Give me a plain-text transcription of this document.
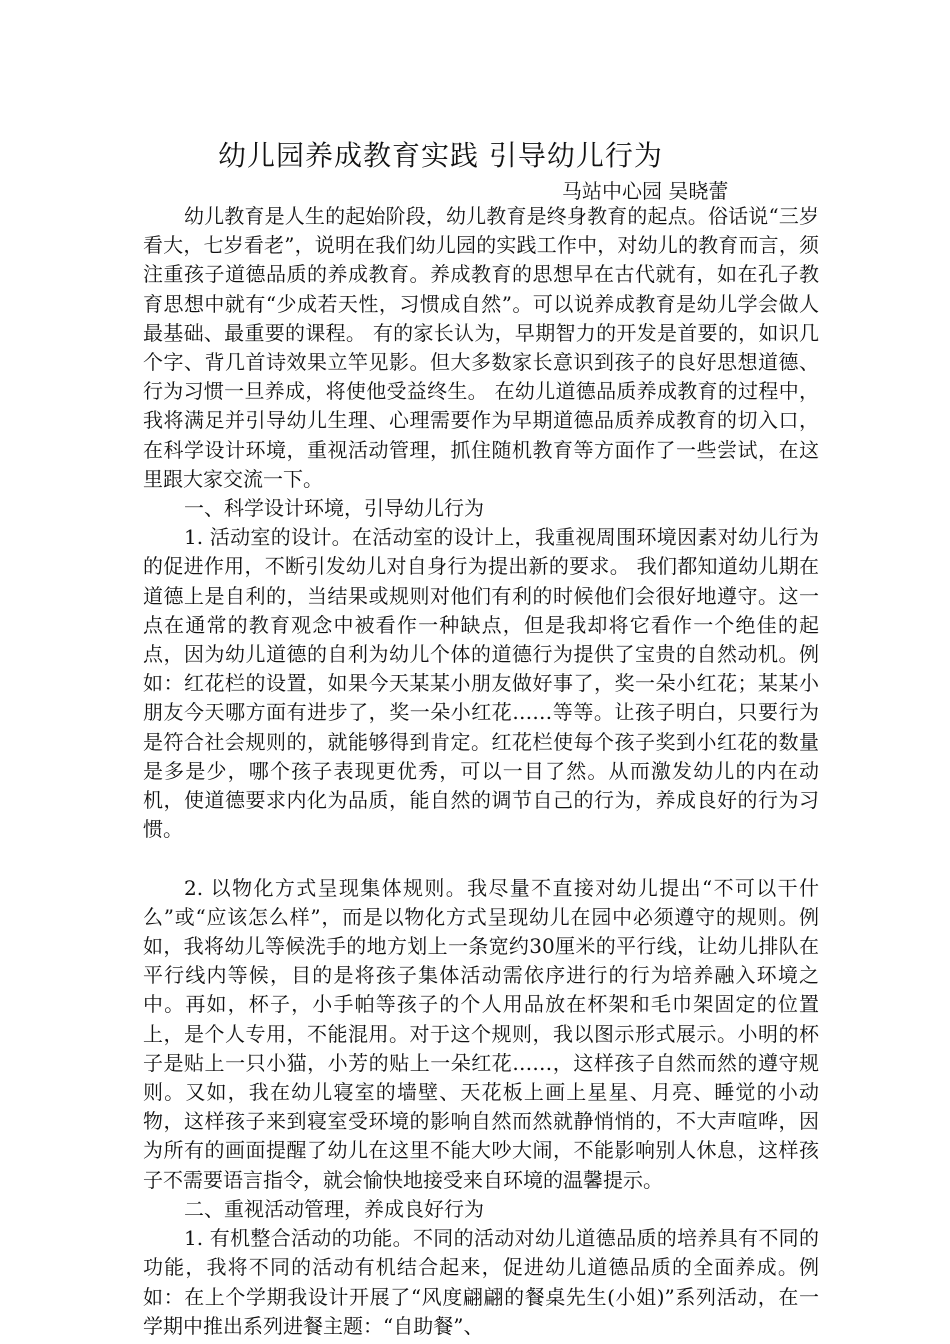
幼儿园养成教育实践 引导幼儿行为
马站中心园 吴晓蕾

幼儿教育是人生的起始阶段，幼儿教育是终身教育的起点。俗话说“三岁看大，七岁看老”，说明在我们幼儿园的实践工作中，对幼儿的教育而言，须注重孩子道德品质的养成教育。养成教育的思想早在古代就有，如在孔子教育思想中就有“少成若天性，习惯成自然”。可以说养成教育是幼儿学会做人最基础、最重要的课程。 有的家长认为，早期智力的开发是首要的，如识几个字、背几首诗效果立竿见影。但大多数家长意识到孩子的良好思想道德、行为习惯一旦养成，将使他受益终生。 在幼儿道德品质养成教育的过程中，我将满足并引导幼儿生理、心理需要作为早期道德品质养成教育的切入口，在科学设计环境，重视活动管理，抓住随机教育等方面作了一些尝试，在这里跟大家交流一下。

一、科学设计环境，引导幼儿行为

1. 活动室的设计。在活动室的设计上，我重视周围环境因素对幼儿行为的促进作用，不断引发幼儿对自身行为提出新的要求。 我们都知道幼儿期在道德上是自利的，当结果或规则对他们有利的时候他们会很好地遵守。这一点在通常的教育观念中被看作一种缺点，但是我却将它看作一个绝佳的起点，因为幼儿道德的自利为幼儿个体的道德行为提供了宝贵的自然动机。例如：红花栏的设置，如果今天某某小朋友做好事了，奖一朵小红花；某某小朋友今天哪方面有进步了，奖一朵小红花……等等。让孩子明白，只要行为是符合社会规则的，就能够得到肯定。红花栏使每个孩子奖到小红花的数量是多是少，哪个孩子表现更优秀，可以一目了然。从而激发幼儿的内在动机，使道德要求内化为品质，能自然的调节自己的行为，养成良好的行为习惯。

2. 以物化方式呈现集体规则。我尽量不直接对幼儿提出“不可以干什么”或“应该怎么样”，而是以物化方式呈现幼儿在园中必须遵守的规则。例如，我将幼儿等候洗手的地方划上一条宽约30厘米的平行线，让幼儿排队在平行线内等候，目的是将孩子集体活动需依序进行的行为培养融入环境之中。再如，杯子，小手帕等孩子的个人用品放在杯架和毛巾架固定的位置上，是个人专用，不能混用。对于这个规则，我以图示形式展示。小明的杯子是贴上一只小猫，小芳的贴上一朵红花……，这样孩子自然而然的遵守规则。又如，我在幼儿寝室的墙壁、天花板上画上星星、月亮、睡觉的小动物，这样孩子来到寝室受环境的影响自然而然就静悄悄的，不大声喧哗，因为所有的画面提醒了幼儿在这里不能大吵大闹，不能影响别人休息，这样孩子不需要语言指令，就会愉快地接受来自环境的温馨提示。

二、重视活动管理，养成良好行为

1. 有机整合活动的功能。不同的活动对幼儿道德品质的培养具有不同的功能，我将不同的活动有机结合起来，促进幼儿道德品质的全面养成。例如：在上个学期我设计开展了“风度翩翩的餐桌先生(小姐)”系列活动，在一学期中推出系列进餐主题：“自助餐”、
